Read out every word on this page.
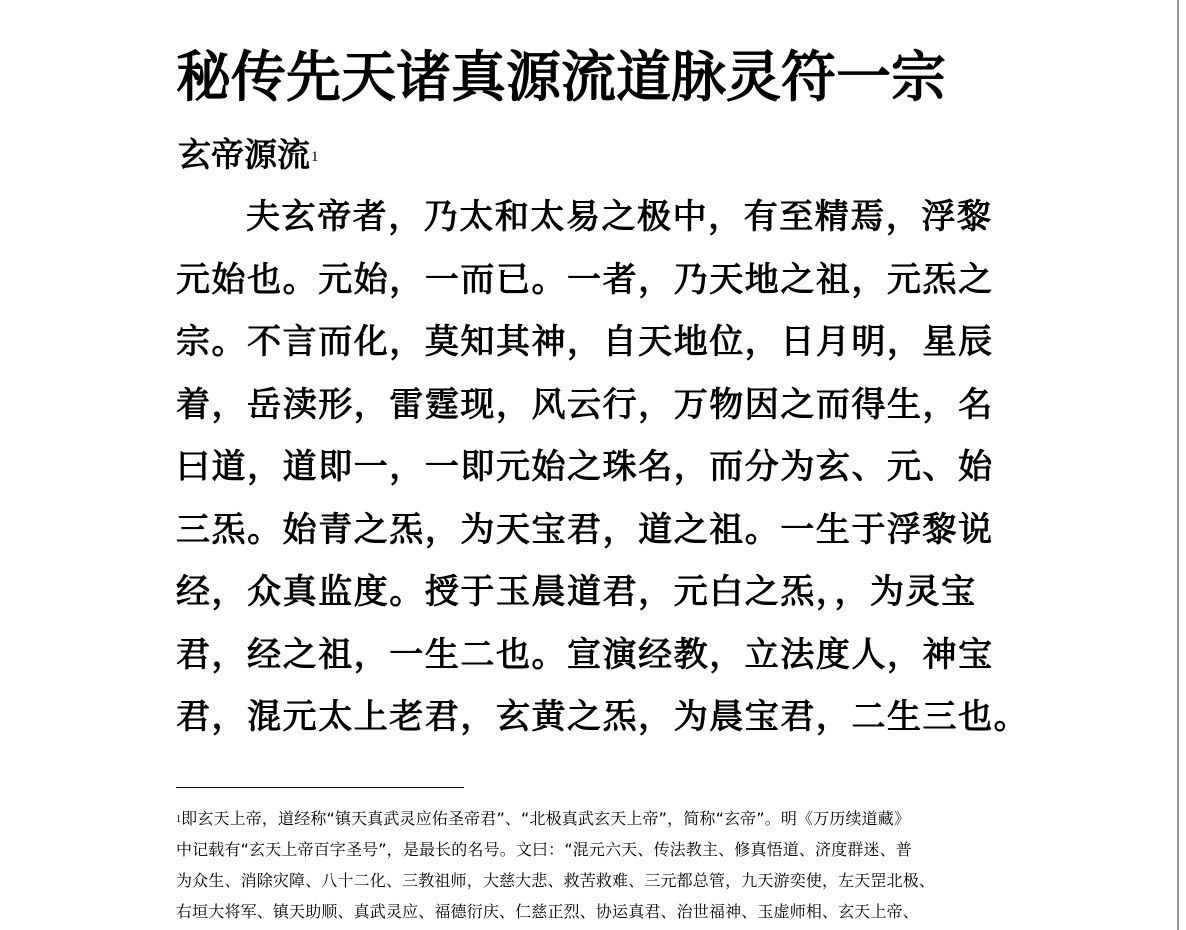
秘传先天诸真源流道脉灵符一宗
玄帝源流$^1$
夫玄帝者，乃太和太易之极中，有至精焉，浮黎
元始也。元始，一而已。一者，乃天地之祖，元炁之
宗。不言而化，莫知其神，自天地位，日月明，星辰
着，岳渎形，雷霆现，风云行，万物因之而得生，名
曰道，道即一，一即元始之珠名，而分为玄、元、始
三炁。始青之炁，为天宝君，道之祖。一生于浮黎说
经，众真监度。授于玉晨道君，元白之炁，，为灵宝
君，经之祖，一生二也。宣演经教，立法度人，神宝
君，混元太上老君，玄黄之炁，为晨宝君，二生三也。
$^1$即玄天上帝，道经称“镇天真武灵应佑圣帝君”、“北极真武玄天上帝”，简称“玄帝”。明《万历续道藏》
中记载有“玄天上帝百字圣号”，是最长的名号。文曰：“混元六天、传法教主、修真悟道、济度群迷、普
为众生、消除灾障、八十二化、三教祖师，大慈大悲、救苦救难、三元都总管，九天游奕使，左天罡北极、
右垣大将军、镇天助顺、真武灵应、福德衍庆、仁慈正烈、协运真君、治世福神、玉虚师相、玄天上帝、
